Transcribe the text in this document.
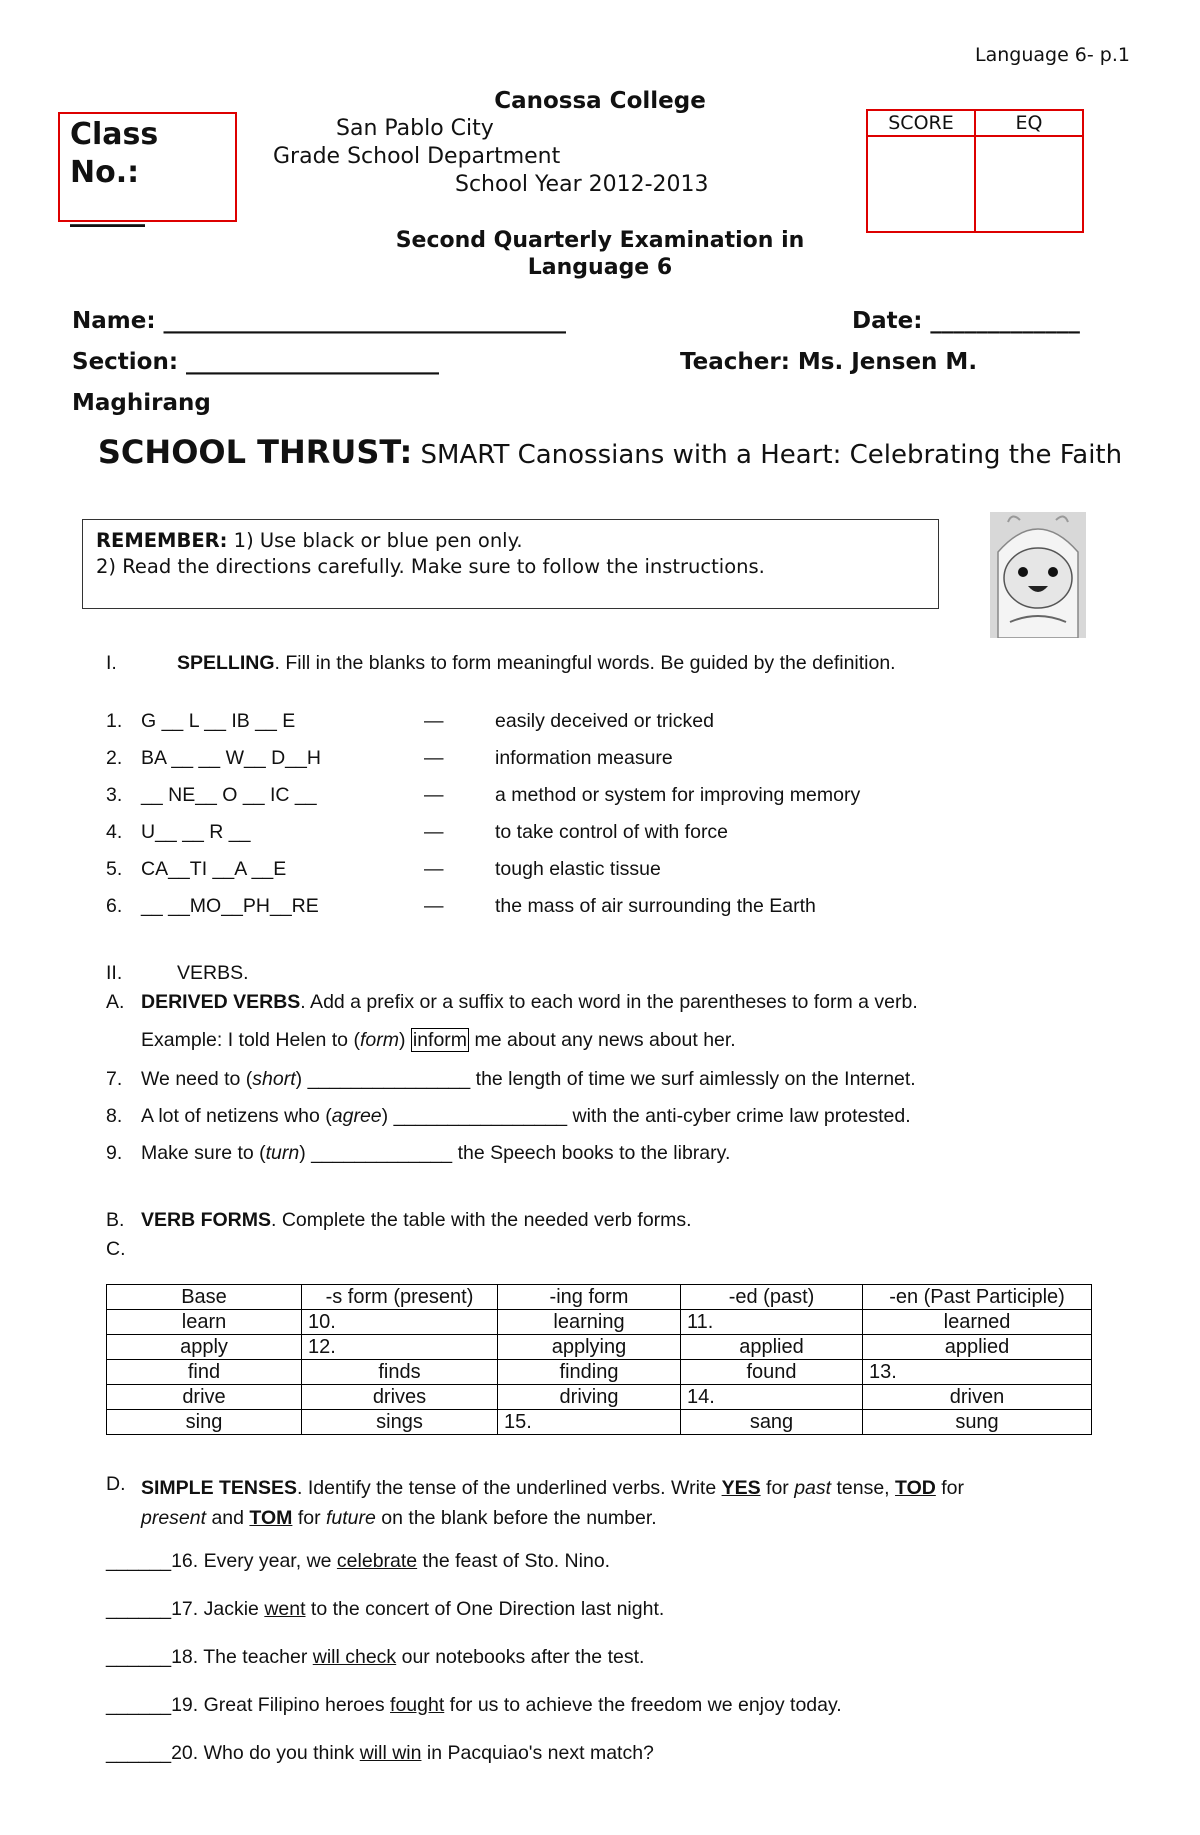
Language 6- p.1
Class No.:
_____
Canossa College
San Pablo City
Grade School Department
School Year 2012-2013
SCORE	EQ

Second Quarterly Examination in
Language 6
Name: ___________________________________	Date: _____________
Section: ______________________	Teacher: Ms. Jensen M.
Maghirang
SCHOOL THRUST: SMART Canossians with a Heart: Celebrating the Faith
REMEMBER: 1) Use black or blue pen only.
2) Read the directions carefully. Make sure to follow the instructions.
I.	SPELLING. Fill in the blanks to form meaningful words. Be guided by the definition.
1. G __ L __ IB __ E	—	easily deceived or tricked
2. BA __ __ W__ D__H	—	information measure
3. __ NE__ O __ IC __	—	a method or system for improving memory
4. U__ __ R __	—	to take control of with force
5. CA__TI __A __E	—	tough elastic tissue
6. __ __MO__PH__RE	—	the mass of air surrounding the Earth
II.	VERBS.
A. DERIVED VERBS. Add a prefix or a suffix to each word in the parentheses to form a verb.
Example: I told Helen to (form) inform me about any news about her.
7. We need to (short) _______________ the length of time we surf aimlessly on the Internet.
8. A lot of netizens who (agree) ________________ with the anti-cyber crime law protested.
9. Make sure to (turn) _____________ the Speech books to the library.
B. VERB FORMS. Complete the table with the needed verb forms.
C.
Base	-s form (present)	-ing form	-ed (past)	-en (Past Participle)
learn	10.	learning	11.	learned
apply	12.	applying	applied	applied
find	finds	finding	found	13.
drive	drives	driving	14.	driven
sing	sings	15.	sang	sung
D. SIMPLE TENSES. Identify the tense of the underlined verbs. Write YES for past tense, TOD for
present and TOM for future on the blank before the number.
______16. Every year, we celebrate the feast of Sto. Nino.
______17. Jackie went to the concert of One Direction last night.
______18. The teacher will check our notebooks after the test.
______19. Great Filipino heroes fought for us to achieve the freedom we enjoy today.
______20. Who do you think will win in Pacquiao's next match?
